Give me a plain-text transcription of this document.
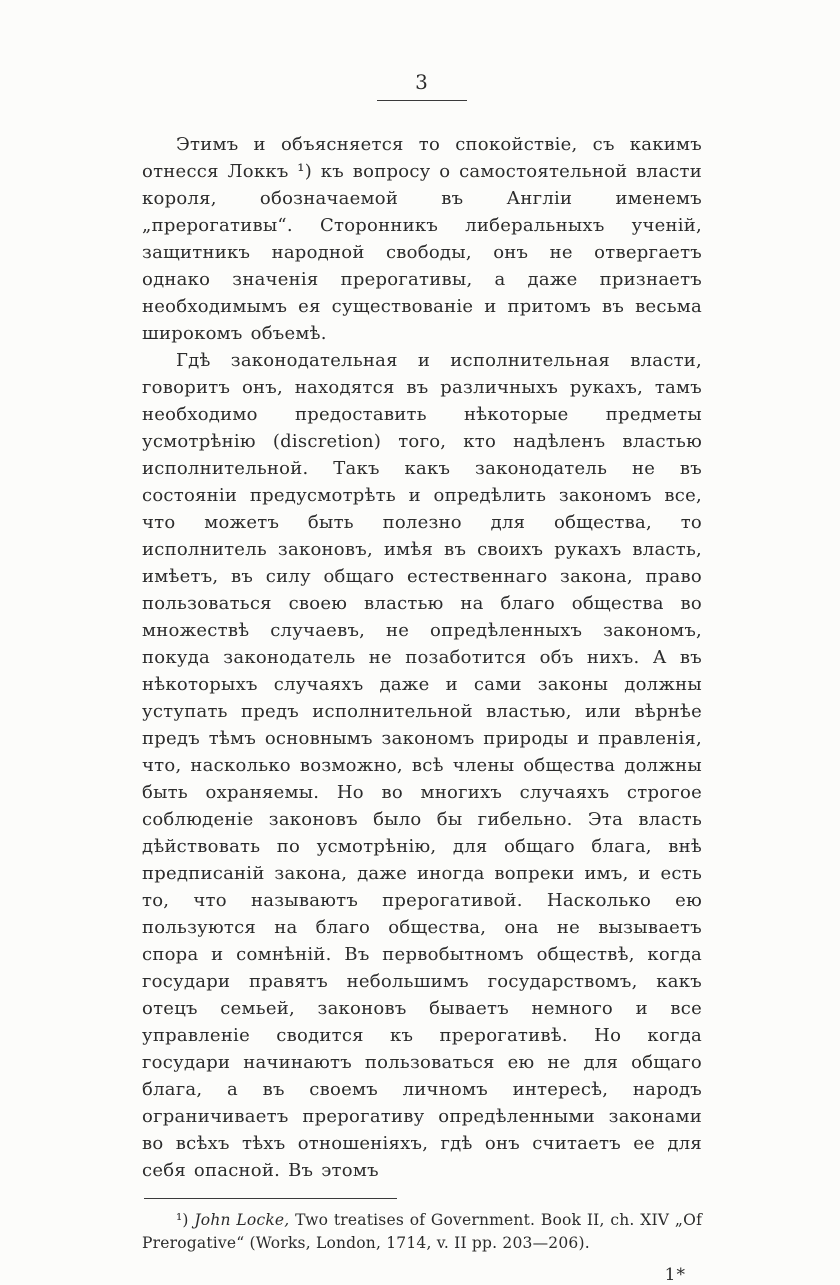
3

Этимъ и объясняется то спокойствіе, съ какимъ отнесся Локкъ ¹) къ вопросу о самостоятельной власти короля, обозначаемой въ Англіи именемъ „прерогативы“. Сторонникъ либеральныхъ ученій, защитникъ народной свободы, онъ не отвергаетъ однако значенія прерогативы, а даже признаетъ необходимымъ ея существованіе и притомъ въ весьма широкомъ объемѣ.

Гдѣ законодательная и исполнительная власти, говоритъ онъ, находятся въ различныхъ рукахъ, тамъ необходимо предоставить нѣкоторые предметы усмотрѣнію (discretion) того, кто надѣленъ властью исполнительной. Такъ какъ законодатель не въ состояніи предусмотрѣть и опредѣлить закономъ все, что можетъ быть полезно для общества, то исполнитель законовъ, имѣя въ своихъ рукахъ власть, имѣетъ, въ силу общаго естественнаго закона, право пользоваться своею властью на благо общества во множествѣ случаевъ, не опредѣленныхъ закономъ, покуда законодатель не позаботится объ нихъ. А въ нѣкоторыхъ случаяхъ даже и сами законы должны уступать предъ исполнительной властью, или вѣрнѣе предъ тѣмъ основнымъ закономъ природы и правленія, что, насколько возможно, всѣ члены общества должны быть охраняемы. Но во многихъ случаяхъ строгое соблюденіе законовъ было бы гибельно. Эта власть дѣйствовать по усмотрѣнію, для общаго блага, внѣ предписаній закона, даже иногда вопреки имъ, и есть то, что называютъ прерогативой. Насколько ею пользуются на благо общества, она не вызываетъ спора и сомнѣній. Въ первобытномъ обществѣ, когда государи правятъ небольшимъ государствомъ, какъ отецъ семьей, законовъ бываетъ немного и все управленіе сводится къ прерогативѣ. Но когда государи начинаютъ пользоваться ею не для общаго блага, а въ своемъ личномъ интересѣ, народъ ограничиваетъ прерогативу опредѣленными законами во всѣхъ тѣхъ отношеніяхъ, гдѣ онъ считаетъ ее для себя опасной. Въ этомъ

¹) John Locke, Two treatises of Government. Book II, ch. XIV „Of Prerogative“ (Works, London, 1714, v. II pp. 203—206).

1*
